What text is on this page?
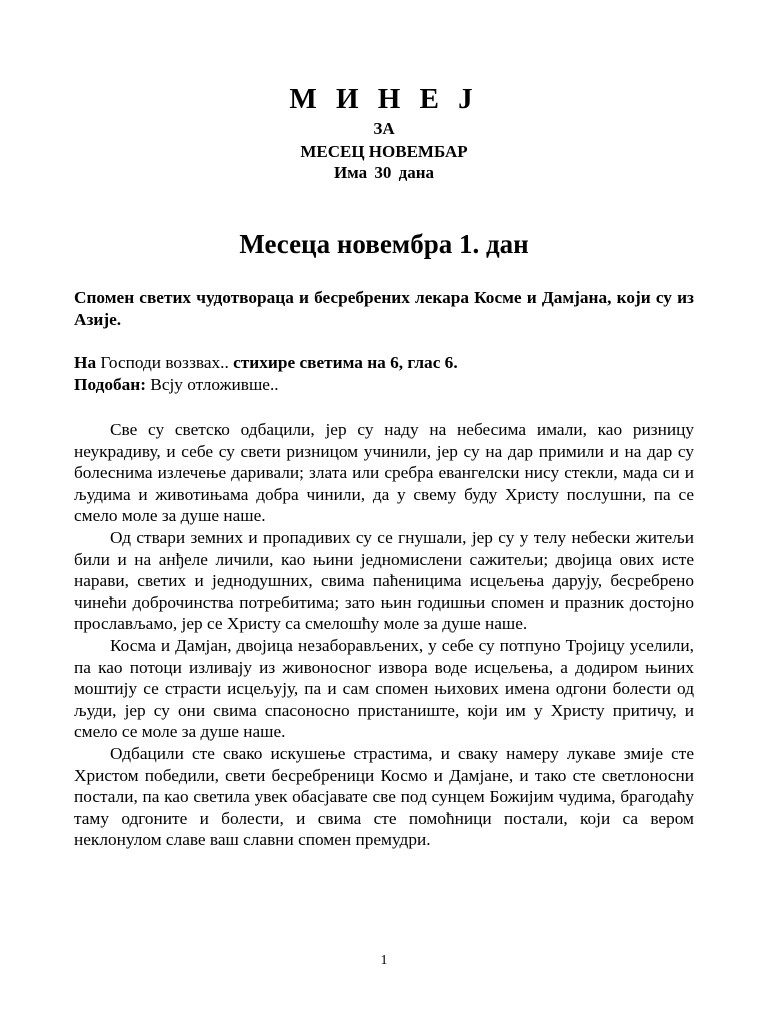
М И Н Е Ј
ЗА
МЕСЕЦ НОВЕМБАР
Има 30 дана
Месеца новембра 1. дан
Спомен светих чудотвораца и бесребрених лекара Косме и Дамјана, који су из Азије.
На Господи воззвах.. стихире светима на 6, глас 6.
Подобан: Всју отложивше..

Све су светско одбацили, јер су наду на небесима имали, као ризницу неукрадиву, и себе су свети ризницом учинили, јер су на дар примили и на дар су болеснима излечење даривали; злата или сребра евангелски нису стекли, мада си и људима и животињама добра чинили, да у свему буду Христу послушни, па се смело моле за душе наше.

Од ствари земних и пропадивих су се гнушали, јер су у телу небески житељи били и на анђеле личили, као њини једномислени сажитељи; двојица ових исте нарави, светих и једнодушних, свима паћеницима исцељења дарују, бесребрено чинећи доброчинства потребитима; зато њин годишњи спомен и празник достојно прослављамо, јер се Христу са смелошћу моле за душе наше.

Косма и Дамјан, двојица незаборављених, у себе су потпуно Тројицу уселили, па као потоци изливају из живоносног извора воде исцељења, а додиром њиних моштију се страсти исцељују, па и сам спомен њихових имена одгони болести од људи, јер су они свима спасоносно пристаниште, који им у Христу притичу, и смело се моле за душе наше.

Одбацили сте свако искушење страстима, и сваку намеру лукаве змије сте Христом победили, свети бесребреници Космо и Дамјане, и тако сте светлоносни постали, па као светила увек обасјавате све под сунцем Божијим чудима, брагодаћу таму одгоните и болести, и свима сте помоћници постали, који са вером неклонулом славе ваш славни спомен премудри.

1
